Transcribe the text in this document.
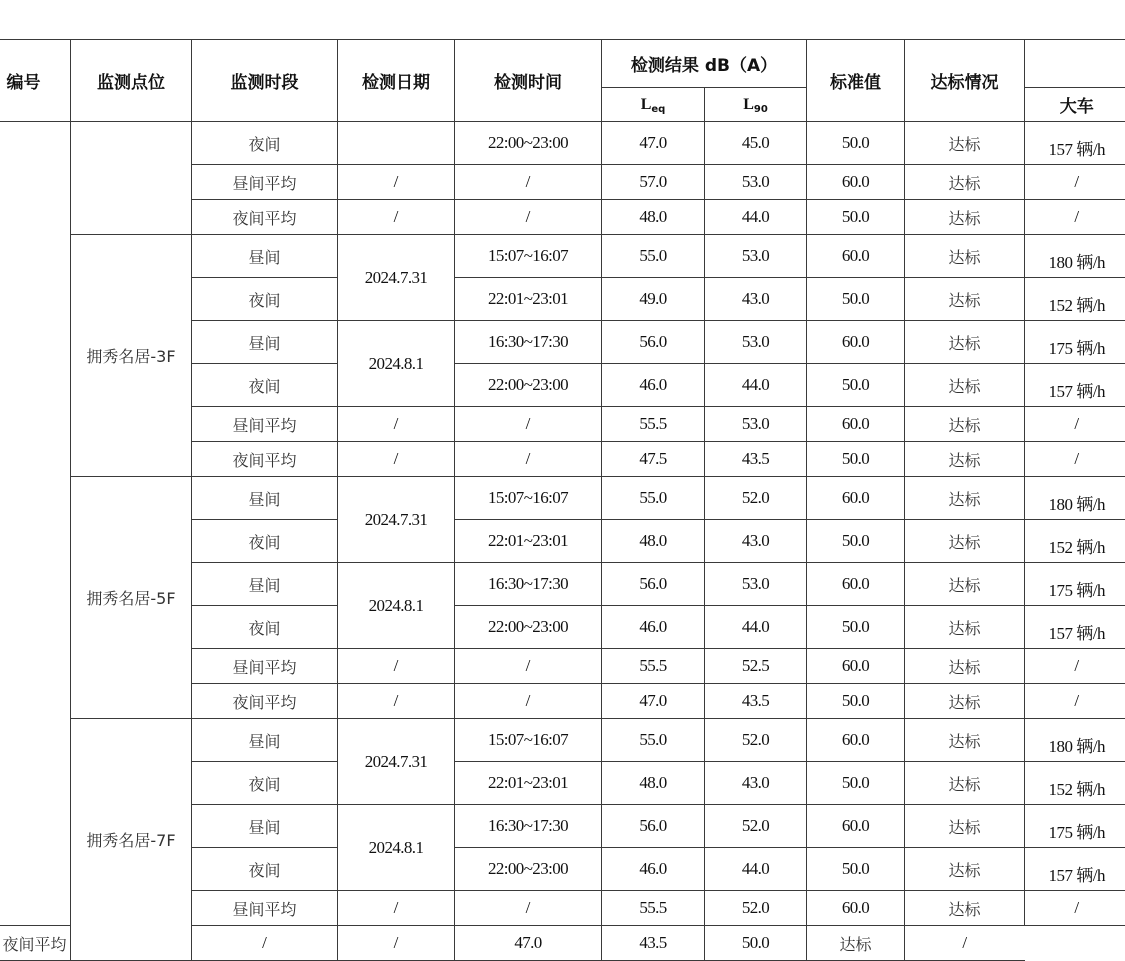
编号	监测点位	监测时段	检测日期	检测时间	检测结果 dB（A）		标准值	达标情况	
					$L_{eq}$	$L_{90}$			大车
		夜间		22:00~23:00	47.0	45.0	50.0	达标	157 辆/h
		昼间平均	/	/	57.0	53.0	60.0	达标	/
		夜间平均	/	/	48.0	44.0	50.0	达标	/
	拥秀名居-3F	昼间	2024.7.31	15:07~16:07	55.0	53.0	60.0	达标	180 辆/h
		夜间		22:01~23:01	49.0	43.0	50.0	达标	152 辆/h
		昼间	2024.8.1	16:30~17:30	56.0	53.0	60.0	达标	175 辆/h
		夜间		22:00~23:00	46.0	44.0	50.0	达标	157 辆/h
		昼间平均	/	/	55.5	53.0	60.0	达标	/
		夜间平均	/	/	47.5	43.5	50.0	达标	/
	拥秀名居-5F	昼间	2024.7.31	15:07~16:07	55.0	52.0	60.0	达标	180 辆/h
		夜间		22:01~23:01	48.0	43.0	50.0	达标	152 辆/h
		昼间	2024.8.1	16:30~17:30	56.0	53.0	60.0	达标	175 辆/h
		夜间		22:00~23:00	46.0	44.0	50.0	达标	157 辆/h
		昼间平均	/	/	55.5	52.5	60.0	达标	/
		夜间平均	/	/	47.0	43.5	50.0	达标	/
	拥秀名居-7F	昼间	2024.7.31	15:07~16:07	55.0	52.0	60.0	达标	180 辆/h
		夜间		22:01~23:01	48.0	43.0	50.0	达标	152 辆/h
		昼间	2024.8.1	16:30~17:30	56.0	52.0	60.0	达标	175 辆/h
		夜间		22:00~23:00	46.0	44.0	50.0	达标	157 辆/h
		昼间平均	/	/	55.5	52.0	60.0	达标	/
夜间平均		/	/	47.0	43.5	50.0	达标	/	
